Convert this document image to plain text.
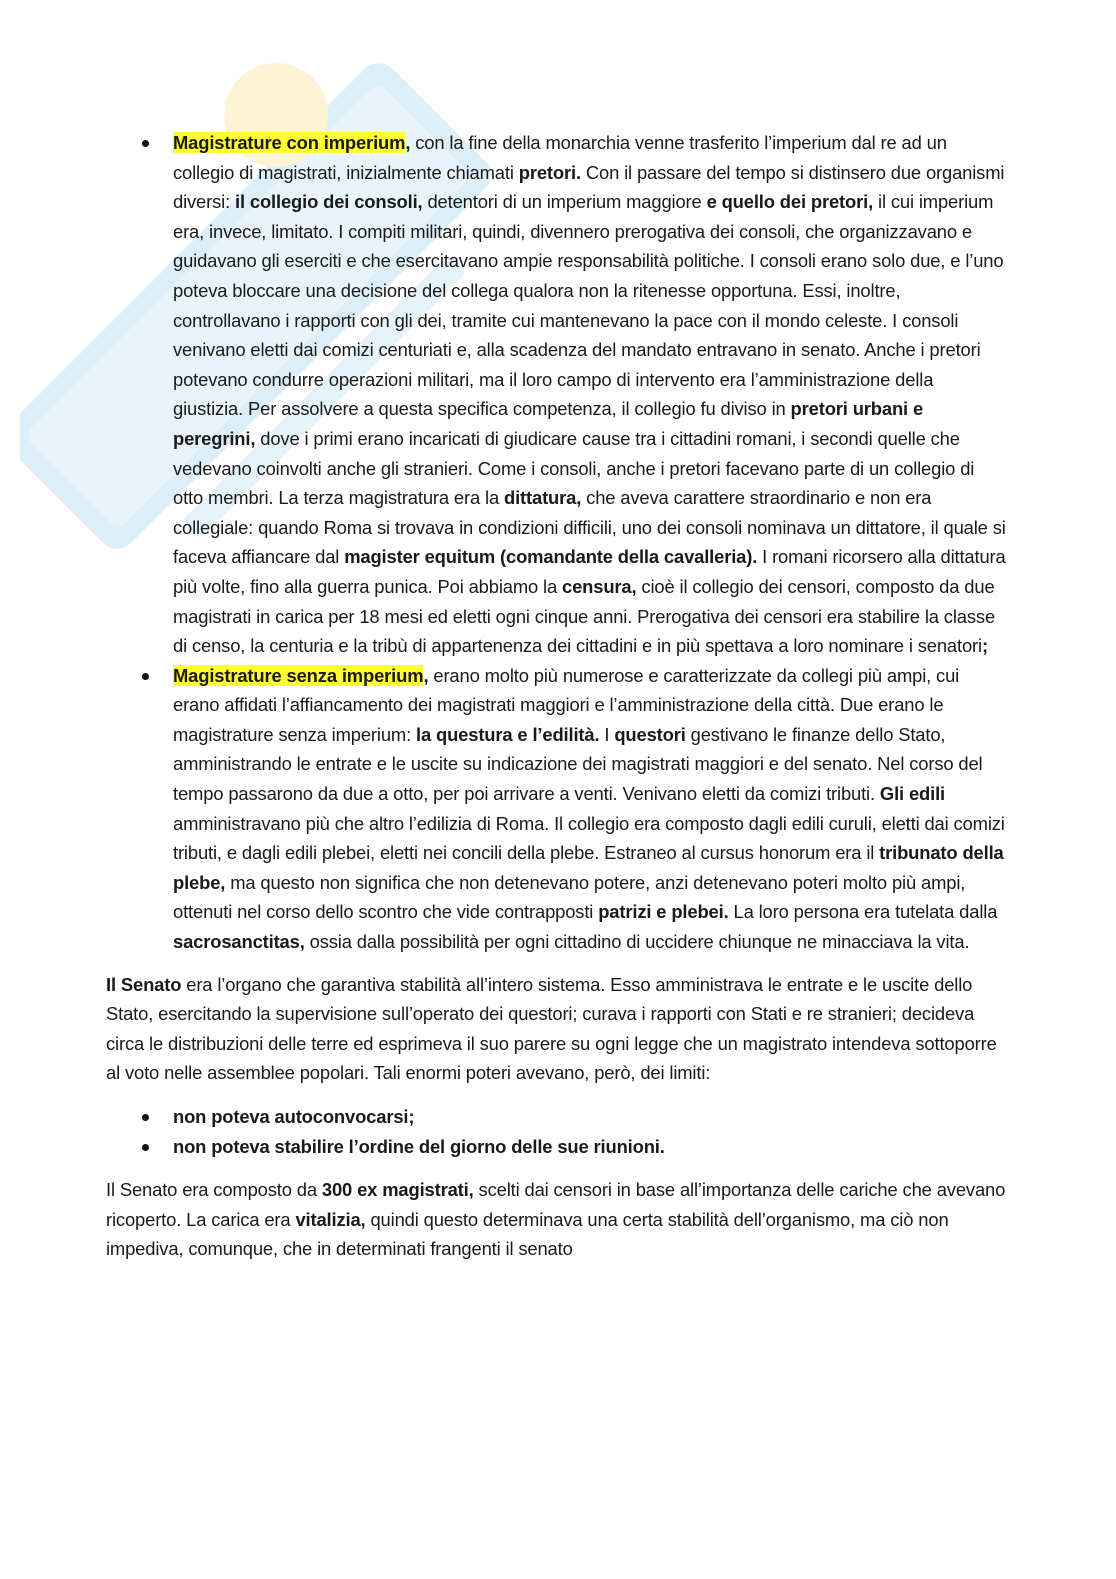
Magistrature con imperium, con la fine della monarchia venne trasferito l’imperium dal re ad un collegio di magistrati, inizialmente chiamati pretori. Con il passare del tempo si distinsero due organismi diversi: il collegio dei consoli, detentori di un imperium maggiore e quello dei pretori, il cui imperium era, invece, limitato. I compiti militari, quindi, divennero prerogativa dei consoli, che organizzavano e guidavano gli eserciti e che esercitavano ampie responsabilità politiche. I consoli erano solo due, e l’uno poteva bloccare una decisione del collega qualora non la ritenesse opportuna. Essi, inoltre, controllavano i rapporti con gli dei, tramite cui mantenevano la pace con il mondo celeste. I consoli venivano eletti dai comizi centuriati e, alla scadenza del mandato entravano in senato. Anche i pretori potevano condurre operazioni militari, ma il loro campo di intervento era l’amministrazione della giustizia. Per assolvere a questa specifica competenza, il collegio fu diviso in pretori urbani e peregrini, dove i primi erano incaricati di giudicare cause tra i cittadini romani, i secondi quelle che vedevano coinvolti anche gli stranieri. Come i consoli, anche i pretori facevano parte di un collegio di otto membri. La terza magistratura era la dittatura, che aveva carattere straordinario e non era collegiale: quando Roma si trovava in condizioni difficili, uno dei consoli nominava un dittatore, il quale si faceva affiancare dal magister equitum (comandante della cavalleria). I romani ricorsero alla dittatura più volte, fino alla guerra punica. Poi abbiamo la censura, cioè il collegio dei censori, composto da due magistrati in carica per 18 mesi ed eletti ogni cinque anni. Prerogativa dei censori era stabilire la classe di censo, la centuria e la tribù di appartenenza dei cittadini e in più spettava a loro nominare i senatori;
Magistrature senza imperium, erano molto più numerose e caratterizzate da collegi più ampi, cui erano affidati l’affiancamento dei magistrati maggiori e l’amministrazione della città. Due erano le magistrature senza imperium: la questura e l’edilità. I questori gestivano le finanze dello Stato, amministrando le entrate e le uscite su indicazione dei magistrati maggiori e del senato. Nel corso del tempo passarono da due a otto, per poi arrivare a venti. Venivano eletti da comizi tributi. Gli edili amministravano più che altro l’edilizia di Roma. Il collegio era composto dagli edili curuli, eletti dai comizi tributi, e dagli edili plebei, eletti nei concili della plebe. Estraneo al cursus honorum era il tribunato della plebe, ma questo non significa che non detenevano potere, anzi detenevano poteri molto più ampi, ottenuti nel corso dello scontro che vide contrapposti patrizi e plebei. La loro persona era tutelata dalla sacrosanctitas, ossia dalla possibilità per ogni cittadino di uccidere chiunque ne minacciava la vita.

Il Senato era l’organo che garantiva stabilità all’intero sistema. Esso amministrava le entrate e le uscite dello Stato, esercitando la supervisione sull’operato dei questori; curava i rapporti con Stati e re stranieri; decideva circa le distribuzioni delle terre ed esprimeva il suo parere su ogni legge che un magistrato intendeva sottoporre al voto nelle assemblee popolari. Tali enormi poteri avevano, però, dei limiti:

non poteva autoconvocarsi;
non poteva stabilire l’ordine del giorno delle sue riunioni.

Il Senato era composto da 300 ex magistrati, scelti dai censori in base all’importanza delle cariche che avevano ricoperto. La carica era vitalizia, quindi questo determinava una certa stabilità dell’organismo, ma ciò non impediva, comunque, che in determinati frangenti il senato
